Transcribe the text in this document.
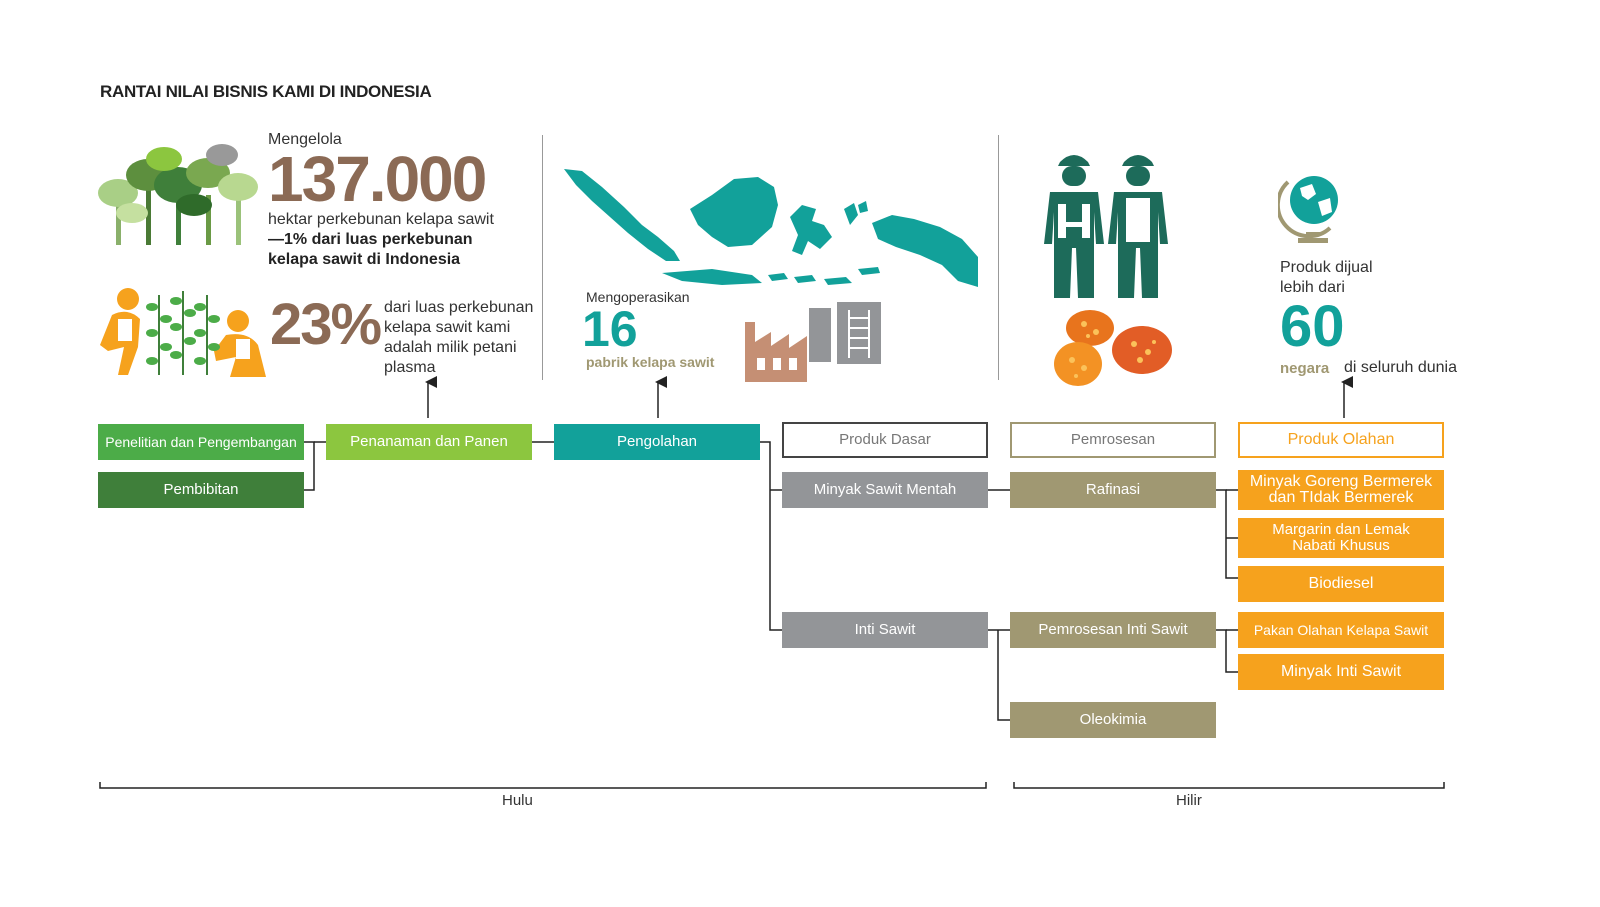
RANTAI NILAI BISNIS KAMI DI INDONESIA
Mengelola
137.000
hektar perkebunan kelapa sawit
—1% dari luas perkebunan
kelapa sawit di Indonesia
23% dari luas perkebunan
kelapa sawit kami
adalah milik petani
plasma
Mengoperasikan
16
pabrik kelapa sawit
Produk dijual
lebih dari
60
negara di seluruh dunia
Penelitian dan Pengembangan
Pembibitan
Penanaman dan Panen	Pengolahan	Produk Dasar
Minyak Sawit Mentah
Inti Sawit
Pemrosesan
Rafinasi
Pemrosesan Inti Sawit
Oleokimia
Produk Olahan
Minyak Goreng Bermerek
dan TIdak Bermerek
Margarin dan Lemak
Nabati Khusus
Biodiesel
Pakan Olahan Kelapa Sawit
Minyak Inti Sawit
Hulu	Hilir
